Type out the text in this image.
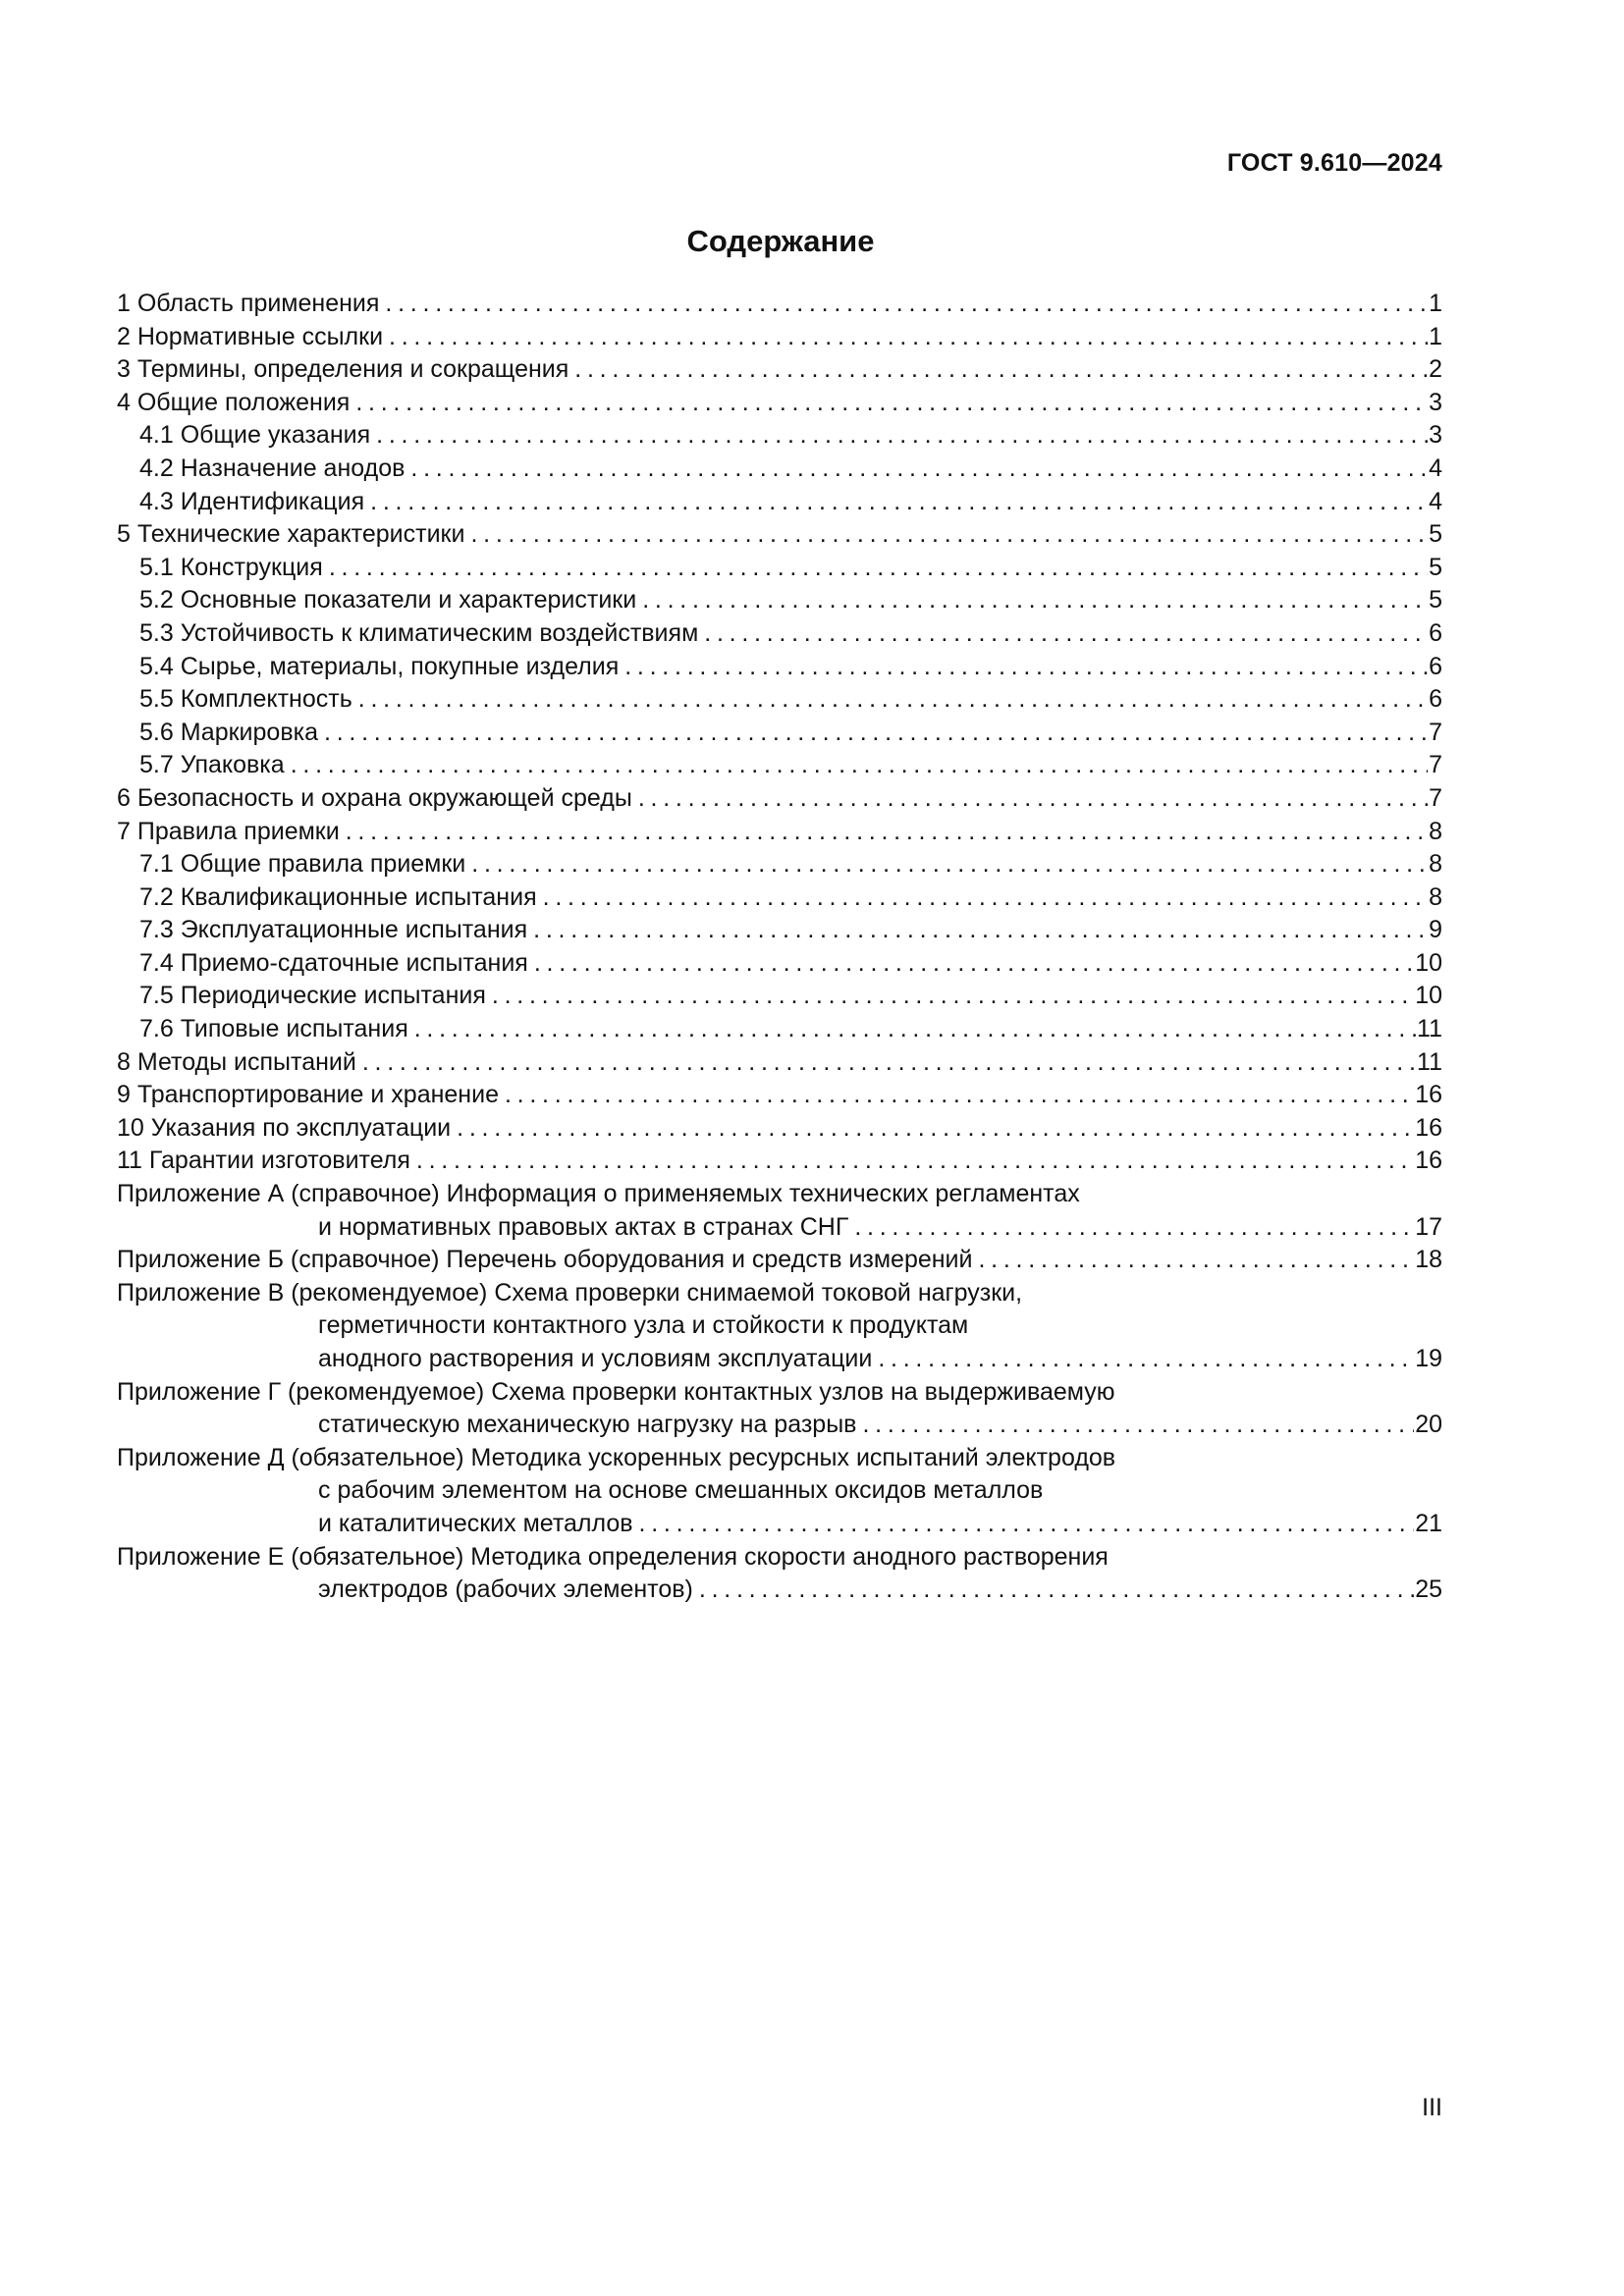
ГОСТ 9.610—2024
Содержание
1 Область применения . . .	1
2 Нормативные ссылки . . .	1
3 Термины, определения и сокращения . . .	2
4 Общие положения . . .	3
4.1 Общие указания . . .	3
4.2 Назначение анодов . . .	4
4.3 Идентификация . . .	4
5 Технические характеристики . . .	5
5.1 Конструкция . . .	5
5.2 Основные показатели и характеристики . . .	5
5.3 Устойчивость к климатическим воздействиям . . .	6
5.4 Сырье, материалы, покупные изделия . . .	6
5.5 Комплектность . . .	6
5.6 Маркировка . . .	7
5.7 Упаковка . . .	7
6 Безопасность и охрана окружающей среды . . .	7
7 Правила приемки . . .	8
7.1 Общие правила приемки . . .	8
7.2 Квалификационные испытания . . .	8
7.3 Эксплуатационные испытания . . .	9
7.4 Приемо-сдаточные испытания . . .	10
7.5 Периодические испытания . . .	10
7.6 Типовые испытания . . .	11
8 Методы испытаний . . .	11
9 Транспортирование и хранение . . .	16
10 Указания по эксплуатации . . .	16
11 Гарантии изготовителя . . .	16
Приложение А (справочное) Информация о применяемых технических регламентах
и нормативных правовых актах в странах СНГ . . .	17
Приложение Б (справочное) Перечень оборудования и средств измерений . . .	18
Приложение В (рекомендуемое) Схема проверки снимаемой токовой нагрузки,
герметичности контактного узла и стойкости к продуктам
анодного растворения и условиям эксплуатации . . .	19
Приложение Г (рекомендуемое) Схема проверки контактных узлов на выдерживаемую
статическую механическую нагрузку на разрыв . . .	20
Приложение Д (обязательное) Методика ускоренных ресурсных испытаний электродов
с рабочим элементом на основе смешанных оксидов металлов
и каталитических металлов . . .	21
Приложение Е (обязательное) Методика определения скорости анодного растворения
электродов (рабочих элементов) . . .	25
III
